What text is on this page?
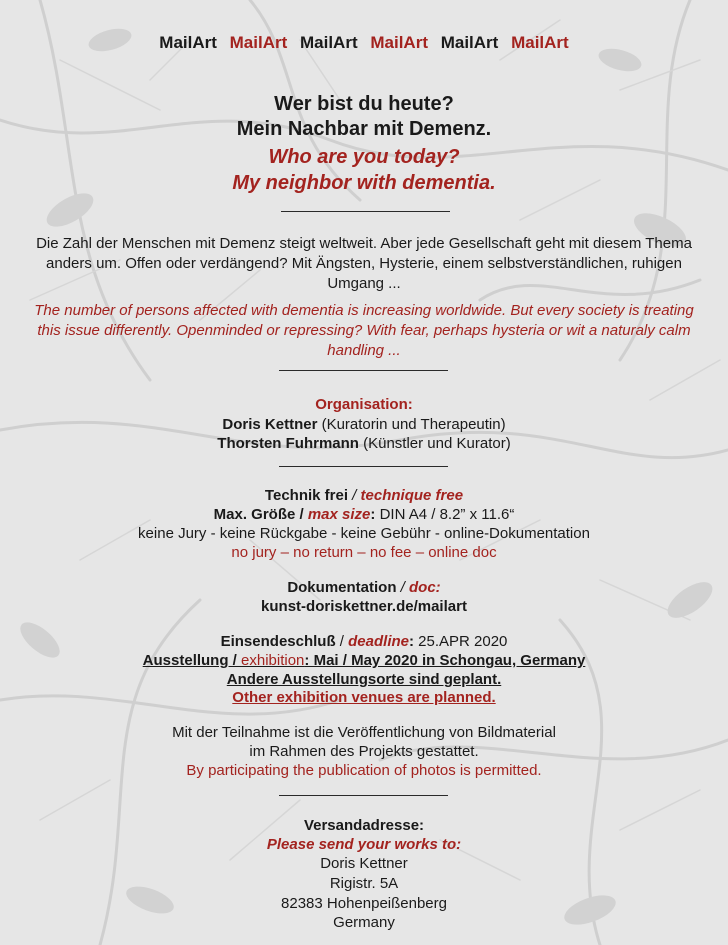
MailArt MailArt MailArt MailArt MailArt MailArt
Wer bist du heute?
Mein Nachbar mit Demenz.
Who are you today?
My neighbor with dementia.
Die Zahl der Menschen mit Demenz steigt weltweit. Aber jede Gesellschaft geht mit diesem Thema anders um. Offen oder verdängend? Mit Ängsten, Hysterie, einem selbstverständlichen, ruhigen Umgang ...
The number of persons affected with dementia is increasing worldwide. But every society is treating this issue differently. Openminded or repressing? With fear, perhaps hysteria or wit a naturaly calm handling ...
Organisation:
Doris Kettner (Kuratorin und Therapeutin)
Thorsten Fuhrmann (Künstler und Kurator)
Technik frei / technique free
Max. Größe / max size: DIN A4 / 8.2” x 11.6“
keine Jury - keine Rückgabe - keine Gebühr - online-Dokumentation
no jury – no return – no fee – online doc
Dokumentation / doc:
kunst-doriskettner.de/mailart
Einsendeschluß / deadline: 25.APR 2020
Ausstellung / exhibition: Mai / May 2020 in Schongau, Germany
Andere Ausstellungsorte sind geplant.
Other exhibition venues are planned.
Mit der Teilnahme ist die Veröffentlichung von Bildmaterial
im Rahmen des Projekts gestattet.
By participating the publication of photos is permitted.
Versandadresse:
Please send your works to:
Doris Kettner
Rigistr. 5A
82383 Hohenpeißenberg
Germany
